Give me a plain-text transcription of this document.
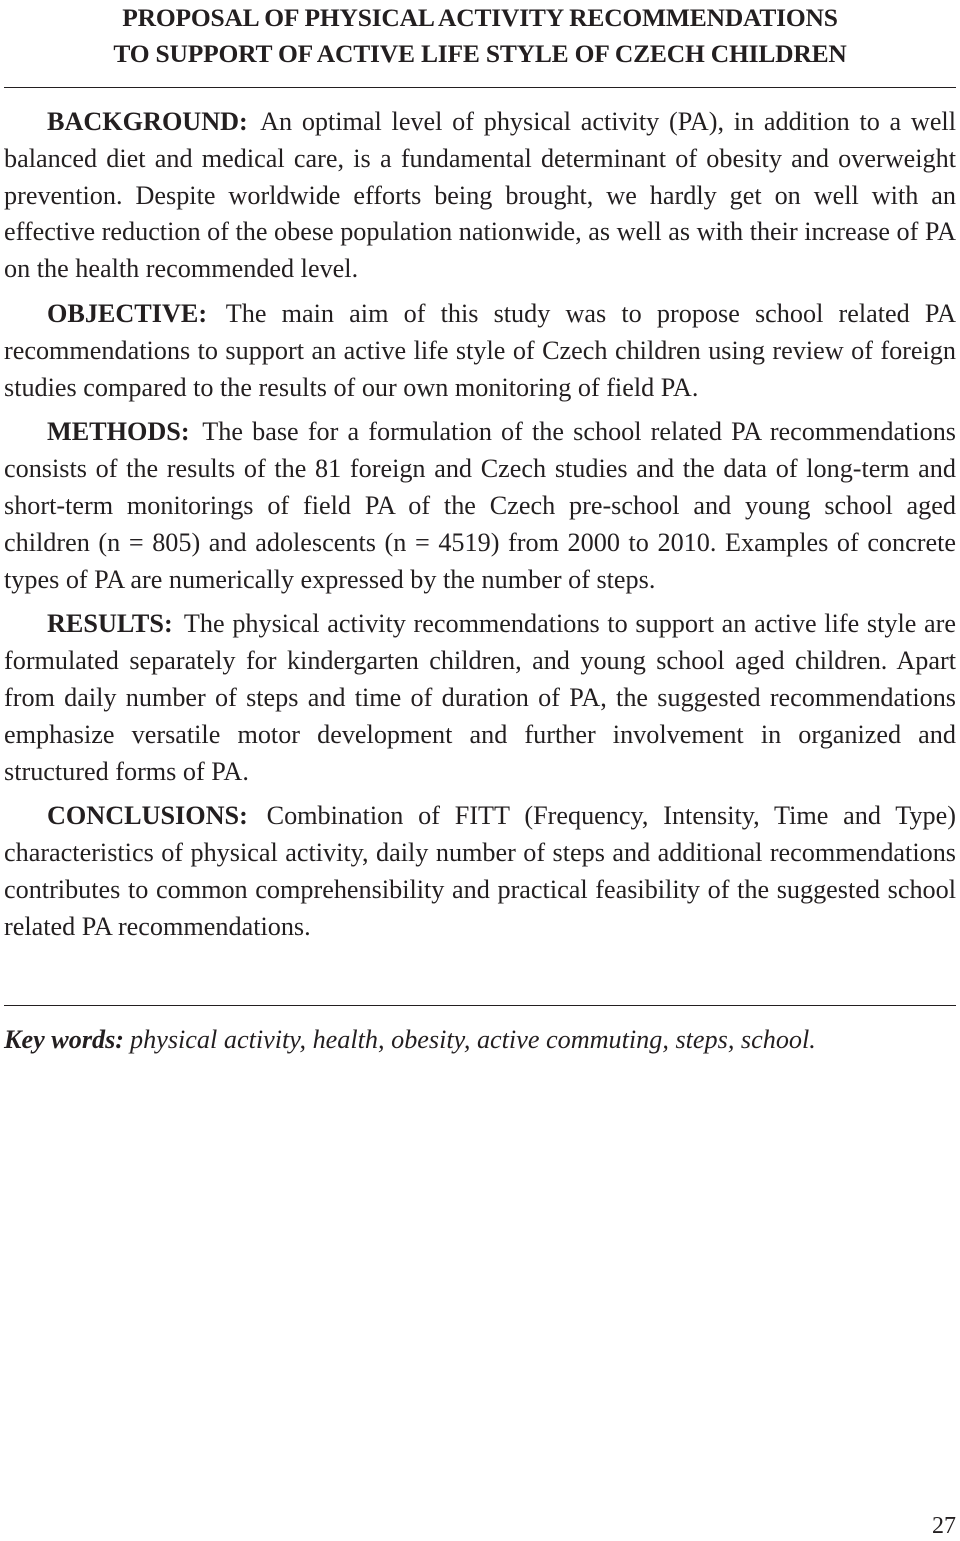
PROPOSAL OF PHYSICAL ACTIVITY RECOMMENDATIONS
TO SUPPORT OF ACTIVE LIFE STYLE OF CZECH CHILDREN

BACKGROUND: An optimal level of physical activity (PA), in addition to a well balanced diet and medical care, is a fundamental determinant of obesity and overweight prevention. Despite worldwide efforts being brought, we hardly get on well with an effective reduction of the obese population nationwide, as well as with their increase of PA on the health recommended level.

OBJECTIVE: The main aim of this study was to propose school related PA recommendations to support an active life style of Czech children using review of foreign studies compared to the results of our own monitoring of field PA.

METHODS: The base for a formulation of the school related PA recommendations consists of the results of the 81 foreign and Czech studies and the data of long-term and short-term monitorings of field PA of the Czech pre-school and young school aged children (n = 805) and adolescents (n = 4519) from 2000 to 2010. Examples of concrete types of PA are numerically expressed by the number of steps.

RESULTS: The physical activity recommendations to support an active life style are formulated separately for kindergarten children, and young school aged children. Apart from daily number of steps and time of duration of PA, the suggested recommendations emphasize versatile motor development and further involvement in organized and structured forms of PA.

CONCLUSIONS: Combination of FITT (Frequency, Intensity, Time and Type) characteristics of physical activity, daily number of steps and additional recommendations contributes to common comprehensibility and practical feasibility of the suggested school related PA recommendations.

Key words: physical activity, health, obesity, active commuting, steps, school.
27
